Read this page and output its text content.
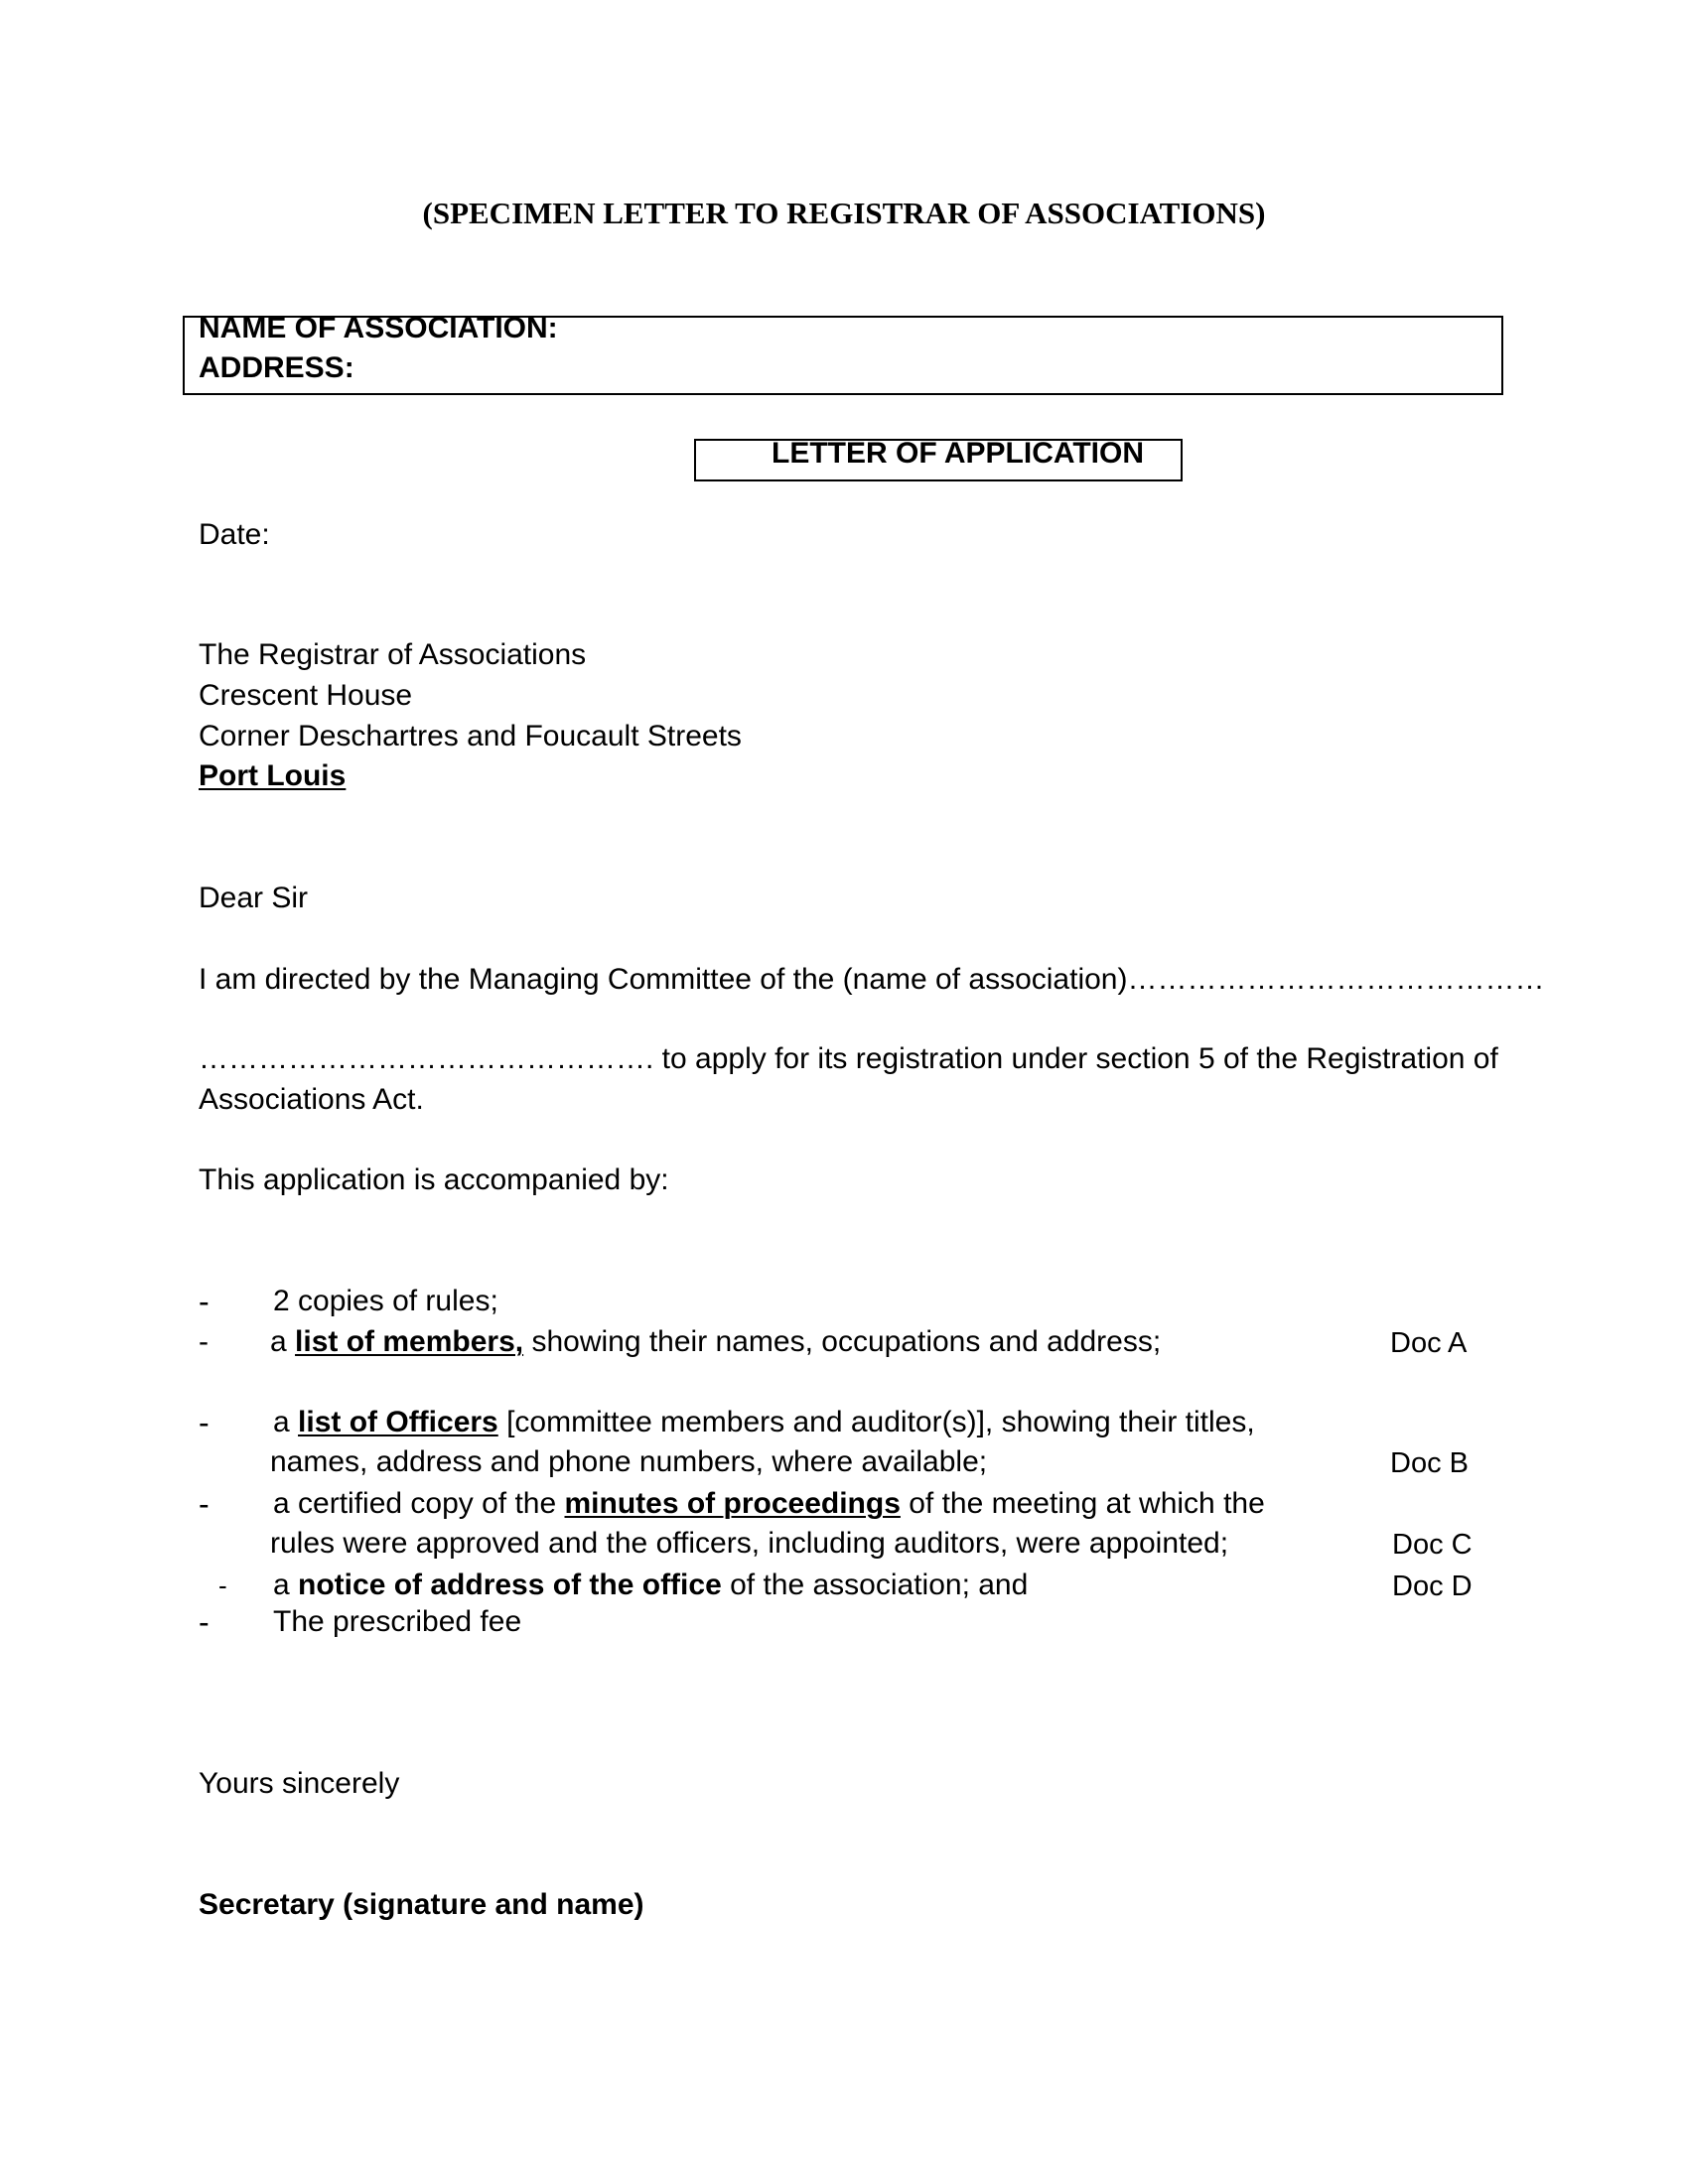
(SPECIMEN LETTER TO REGISTRAR OF ASSOCIATIONS)
NAME OF ASSOCIATION:
ADDRESS:
LETTER OF APPLICATION
Date:
The Registrar of Associations
Crescent House
Corner Deschartres and Foucault Streets
Port Louis
Dear Sir
I am directed by the Managing Committee of the (name of association)……………………………………
………………………………………. to apply for its registration under section 5 of the Registration of
Associations Act.
This application is accompanied by:
- 2 copies of rules;
- a list of members, showing their names, occupations and address;	Doc A
- a list of Officers [committee members and auditor(s)], showing their titles,
names, address and phone numbers, where available;	Doc B
- a certified copy of the minutes of proceedings of the meeting at which the
rules were approved and the officers, including auditors, were appointed;	Doc C
- a notice of address of the office of the association; and	Doc D
- The prescribed fee
Yours sincerely
Secretary (signature and name)
